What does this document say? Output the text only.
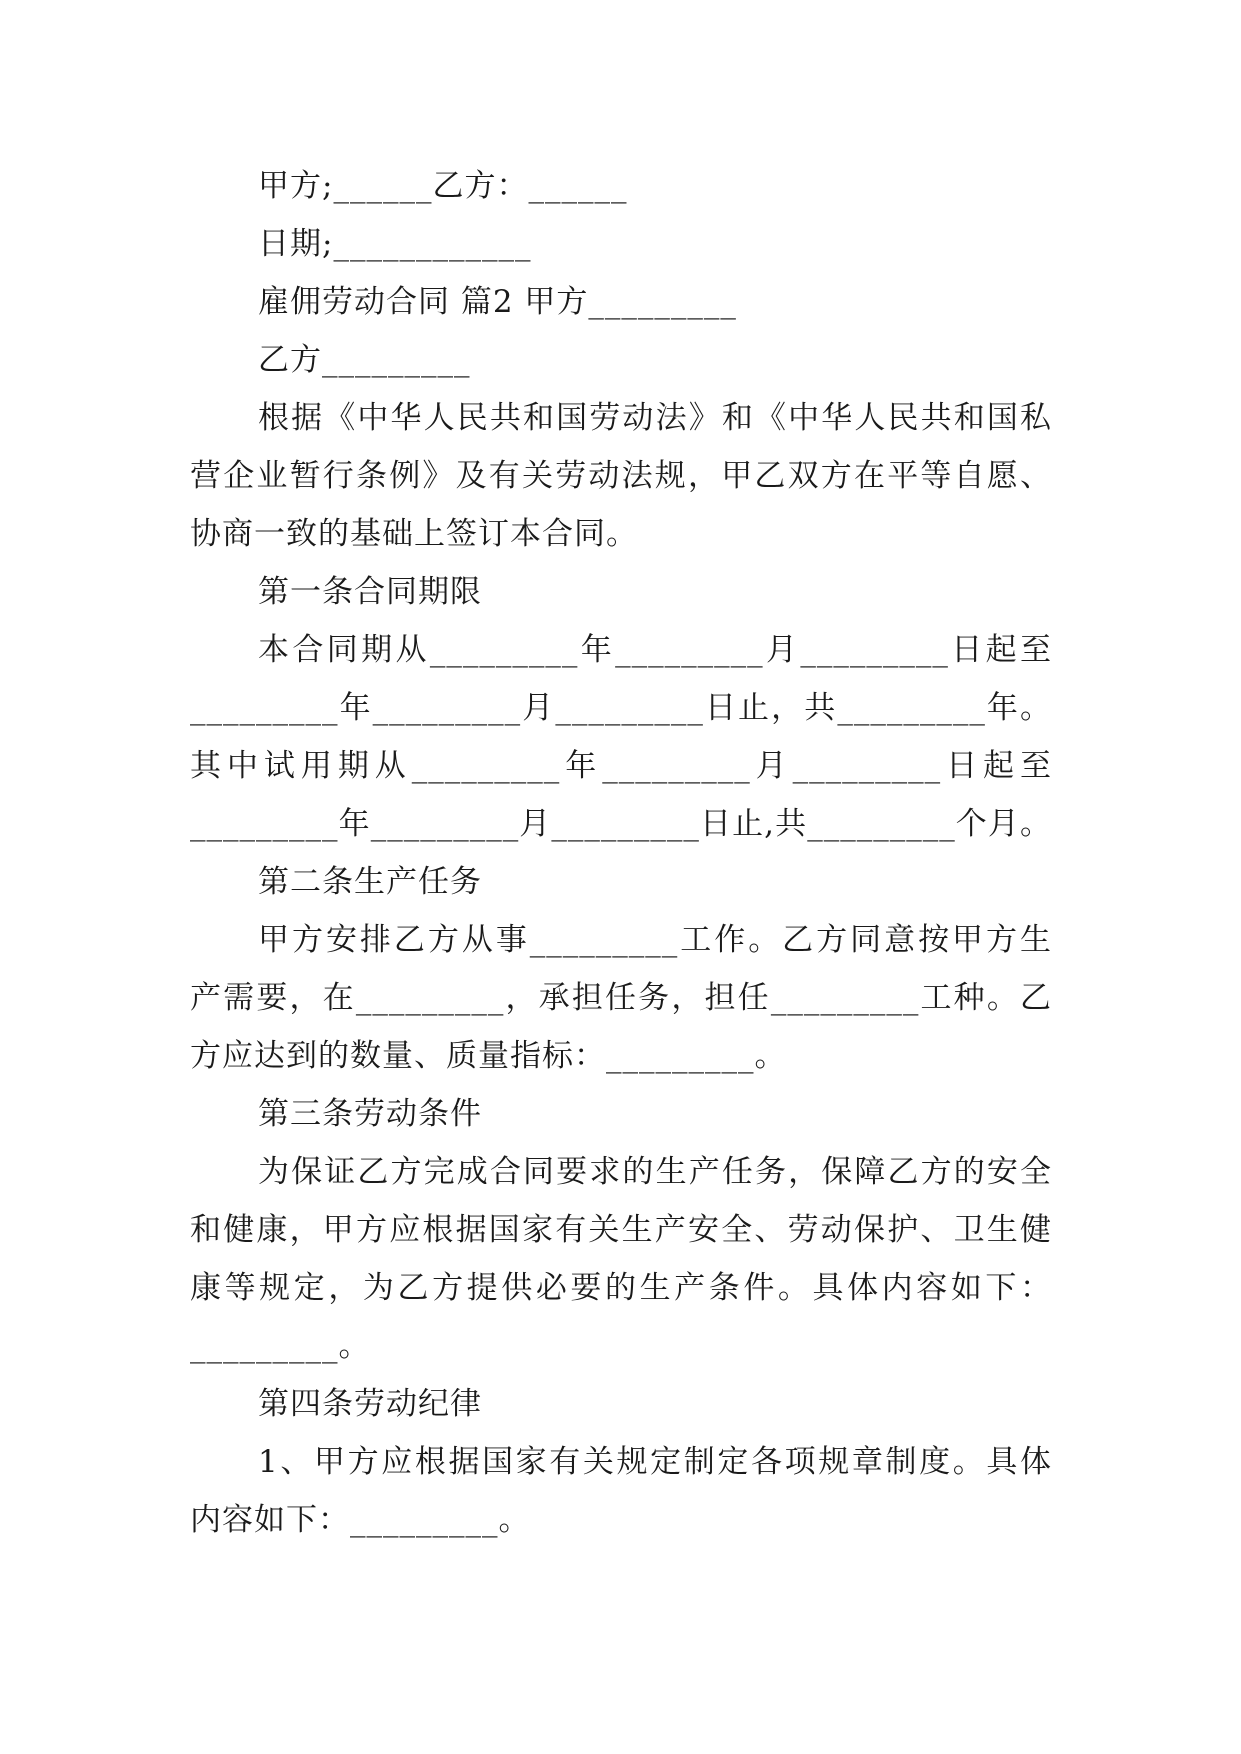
甲方;______乙方：______
日期;____________
雇佣劳动合同 篇2 甲方_________
乙方_________
根据《中华人民共和国劳动法》和《中华人民共和国私
营企业暂行条例》及有关劳动法规，甲乙双方在平等自愿、
协商一致的基础上签订本合同。
第一条合同期限
本合同期从_________年_________月_________日起至
_________年_________月_________日止，共_________年。
其中试用期从_________年_________月_________日起至
_________年_________月_________日止,共_________个月。
第二条生产任务
甲方安排乙方从事_________工作。乙方同意按甲方生
产需要，在_________，承担任务，担任_________工种。乙
方应达到的数量、质量指标：_________。
第三条劳动条件
为保证乙方完成合同要求的生产任务，保障乙方的安全
和健康，甲方应根据国家有关生产安全、劳动保护、卫生健
康等规定，为乙方提供必要的生产条件。具体内容如下：
_________。
第四条劳动纪律
1、甲方应根据国家有关规定制定各项规章制度。具体
内容如下：_________。
